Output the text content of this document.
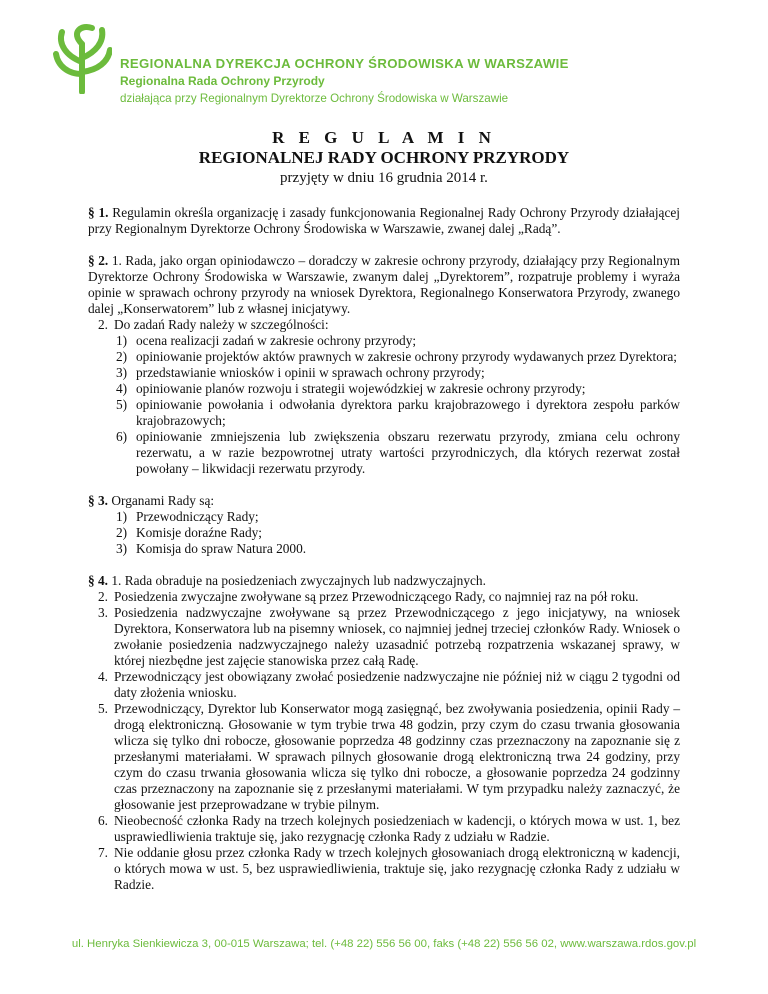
REGIONALNA DYREKCJA OCHRONY ŚRODOWISKA W WARSZAWIE
Regionalna Rada Ochrony Przyrody
działająca przy Regionalnym Dyrektorze Ochrony Środowiska w Warszawie
R E G U L A M I N
REGIONALNEJ RADY OCHRONY PRZYRODY
przyjęty w dniu 16 grudnia 2014 r.

§ 1. Regulamin określa organizację i zasady funkcjonowania Regionalnej Rady Ochrony Przyrody działającej przy Regionalnym Dyrektorze Ochrony Środowiska w Warszawie, zwanej dalej „Radą”.

§ 2. 1. Rada, jako organ opiniodawczo – doradczy w zakresie ochrony przyrody, działający przy Regionalnym Dyrektorze Ochrony Środowiska w Warszawie, zwanym dalej „Dyrektorem”, rozpatruje problemy i wyraża opinie w sprawach ochrony przyrody na wniosek Dyrektora, Regionalnego Konserwatora Przyrody, zwanego dalej „Konserwatorem” lub z własnej inicjatywy.

2. Do zadań Rady należy w szczególności:
1) ocena realizacji zadań w zakresie ochrony przyrody;
2) opiniowanie projektów aktów prawnych w zakresie ochrony przyrody wydawanych przez Dyrektora;
3) przedstawianie wniosków i opinii w sprawach ochrony przyrody;
4) opiniowanie planów rozwoju i strategii wojewódzkiej w zakresie ochrony przyrody;
5) opiniowanie powołania i odwołania dyrektora parku krajobrazowego i dyrektora zespołu parków krajobrazowych;
6) opiniowanie zmniejszenia lub zwiększenia obszaru rezerwatu przyrody, zmiana celu ochrony rezerwatu, a w razie bezpowrotnej utraty wartości przyrodniczych, dla których rezerwat został powołany – likwidacji rezerwatu przyrody.

§ 3. Organami Rady są:

1) Przewodniczący Rady;
2) Komisje doraźne Rady;
3) Komisja do spraw Natura 2000.

§ 4. 1. Rada obraduje na posiedzeniach zwyczajnych lub nadzwyczajnych.

2. Posiedzenia zwyczajne zwoływane są przez Przewodniczącego Rady, co najmniej raz na pół roku.
3. Posiedzenia nadzwyczajne zwoływane są przez Przewodniczącego z jego inicjatywy, na wniosek Dyrektora, Konserwatora lub na pisemny wniosek, co najmniej jednej trzeciej członków Rady. Wniosek o zwołanie posiedzenia nadzwyczajnego należy uzasadnić potrzebą rozpatrzenia wskazanej sprawy, w której niezbędne jest zajęcie stanowiska przez całą Radę.
4. Przewodniczący jest obowiązany zwołać posiedzenie nadzwyczajne nie później niż w ciągu 2 tygodni od daty złożenia wniosku.
5. Przewodniczący, Dyrektor lub Konserwator mogą zasięgnąć, bez zwoływania posiedzenia, opinii Rady – drogą elektroniczną. Głosowanie w tym trybie trwa 48 godzin, przy czym do czasu trwania głosowania wlicza się tylko dni robocze, głosowanie poprzedza 48 godzinny czas przeznaczony na zapoznanie się z przesłanymi materiałami. W sprawach pilnych głosowanie drogą elektroniczną trwa 24 godziny, przy czym do czasu trwania głosowania wlicza się tylko dni robocze, a głosowanie poprzedza 24 godzinny czas przeznaczony na zapoznanie się z przesłanymi materiałami. W tym przypadku należy zaznaczyć, że głosowanie jest przeprowadzane w trybie pilnym.
6. Nieobecność członka Rady na trzech kolejnych posiedzeniach w kadencji, o których mowa w ust. 1, bez usprawiedliwienia traktuje się, jako rezygnację członka Rady z udziału w Radzie.
7. Nie oddanie głosu przez członka Rady w trzech kolejnych głosowaniach drogą elektroniczną w kadencji, o których mowa w ust. 5, bez usprawiedliwienia, traktuje się, jako rezygnację członka Rady z udziału w Radzie.
ul. Henryka Sienkiewicza 3, 00-015 Warszawa; tel. (+48 22) 556 56 00, faks (+48 22) 556 56 02, www.warszawa.rdos.gov.pl
